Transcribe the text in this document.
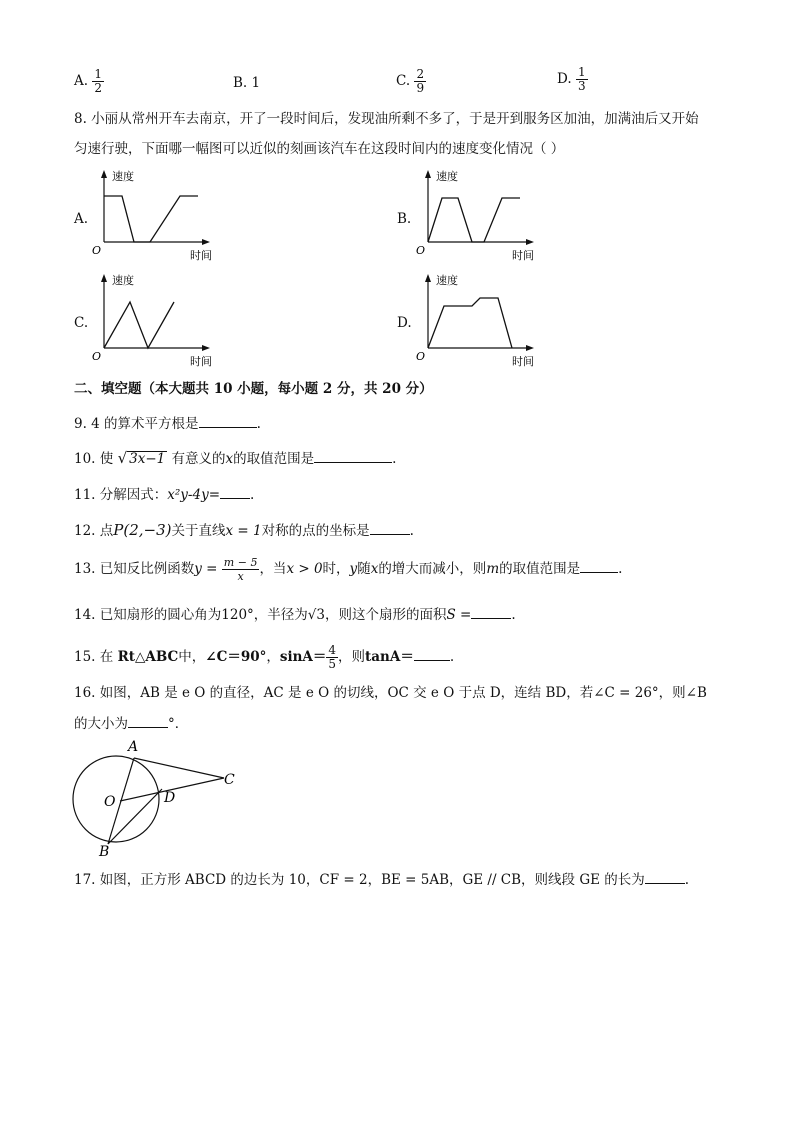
A. $\frac{1}{2}$	B. 1	C. $\frac{2}{9}$	D. $\frac{1}{3}$
8. 小丽从常州开车去南京，开了一段时间后，发现油所剩不多了，于是开到服务区加油，加满油后又开始
匀速行驶，下面哪一幅图可以近似的刻画该汽车在这段时间内的速度变化情况（ ）
A.
速度
时间
O
B.
速度
时间
O
C.
速度
时间
O
D.
速度
时间
O
二、填空题（本大题共 10 小题，每小题 2 分，共 20 分）
9. 4 的算术平方根是	.
10. 使 √ 3x−1 有意义的x的取值范围是	.
11. 分解因式：x²y-4y= .
12. 点P(2,−3)关于直线x = 1对称的点的坐标是	.
13. 已知反比例函数$y = \frac{m - 5}{x}$ ，当x > 0时，y随x的增大而减小，则m的取值范围是	.
14. 已知扇形的圆心角为120°，半径为√3，则这个扇形的面积S =	.
15. 在 Rt△ABC中，∠C＝90°，$\sin A= \frac{4}{5}$ ，则tanA＝	.
16. 如图，AB 是 e O 的直径，AC 是 e O 的切线，OC 交 e O 于点 D，连结 BD，若∠C = 26°，则∠B
的大小为	°．
A
C
D
O
B
17. 如图，正方形 ABCD 的边长为 10，CF = 2，BE = 5AB，GE // CB，则线段 GE 的长为	.
